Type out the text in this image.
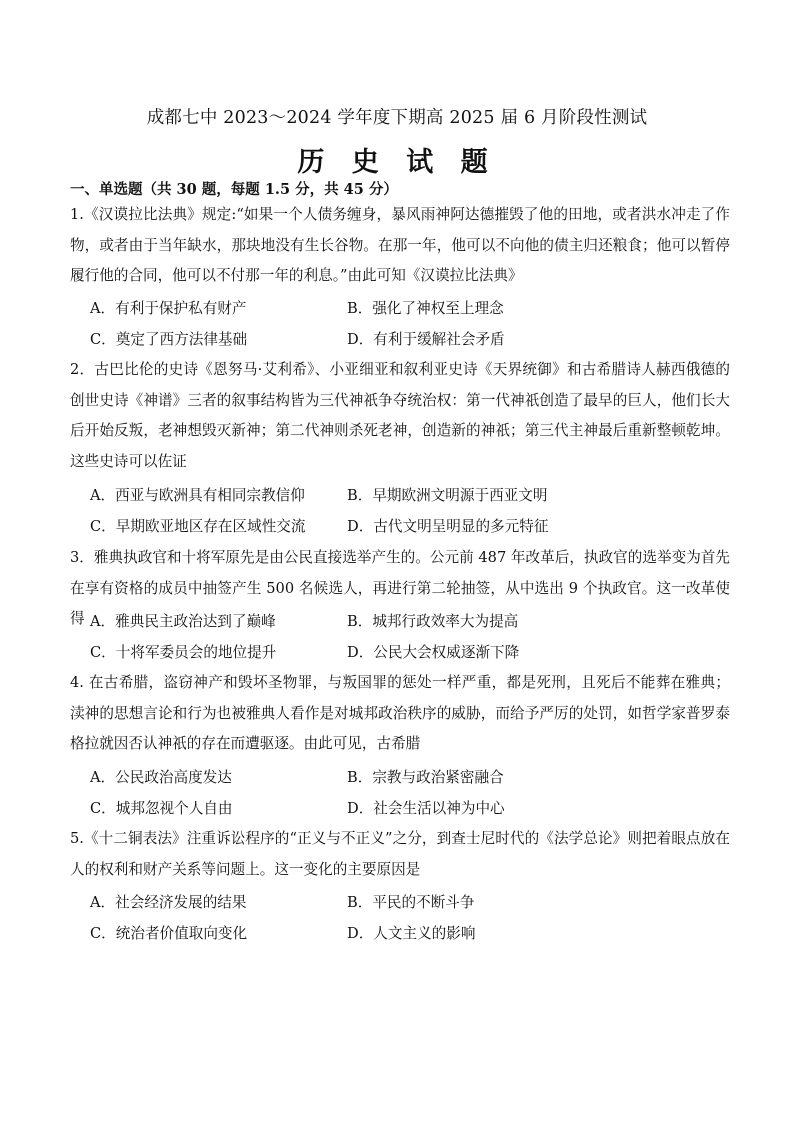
成都七中 2023～2024 学年度下期高 2025 届 6 月阶段性测试
历 史 试 题
一、单选题（共 30 题，每题 1.5 分，共 45 分）
1.《汉谟拉比法典》规定:“如果一个人债务缠身，暴风雨神阿达德摧毁了他的田地，或者洪水冲走了作物，或者由于当年缺水，那块地没有生长谷物。在那一年，他可以不向他的债主归还粮食；他可以暂停履行他的合同，他可以不付那一年的利息。”由此可知《汉谟拉比法典》
A．有利于保护私有财产	B．强化了神权至上理念
C．奠定了西方法律基础	D．有利于缓解社会矛盾
2．古巴比伦的史诗《恩努马·艾利希》、小亚细亚和叙利亚史诗《天界统御》和古希腊诗人赫西俄德的创世史诗《神谱》三者的叙事结构皆为三代神祇争夺统治权：第一代神祇创造了最早的巨人，他们长大后开始反叛，老神想毁灭新神；第二代神则杀死老神，创造新的神祇；第三代主神最后重新整顿乾坤。这些史诗可以佐证
A．西亚与欧洲具有相同宗教信仰	B．早期欧洲文明源于西亚文明
C．早期欧亚地区存在区域性交流	D．古代文明呈明显的多元特征
3．雅典执政官和十将军原先是由公民直接选举产生的。公元前 487 年改革后，执政官的选举变为首先在享有资格的成员中抽签产生 500 名候选人，再进行第二轮抽签，从中选出 9 个执政官。这一改革使得 A．雅典民主政治达到了巅峰	B．城邦行政效率大为提高
C．十将军委员会的地位提升	D．公民大会权威逐渐下降
4. 在古希腊，盗窃神产和毁坏圣物罪，与叛国罪的惩处一样严重，都是死刑，且死后不能葬在雅典；渎神的思想言论和行为也被雅典人看作是对城邦政治秩序的威胁，而给予严厉的处罚，如哲学家普罗泰格拉就因否认神祇的存在而遭驱逐。由此可见，古希腊
A．公民政治高度发达	B．宗教与政治紧密融合
C．城邦忽视个人自由	D．社会生活以神为中心
5.《十二铜表法》注重诉讼程序的“正义与不正义”之分，到查士尼时代的《法学总论》则把着眼点放在人的权利和财产关系等问题上。这一变化的主要原因是
A．社会经济发展的结果	B．平民的不断斗争
C．统治者价值取向变化	D．人文主义的影响
